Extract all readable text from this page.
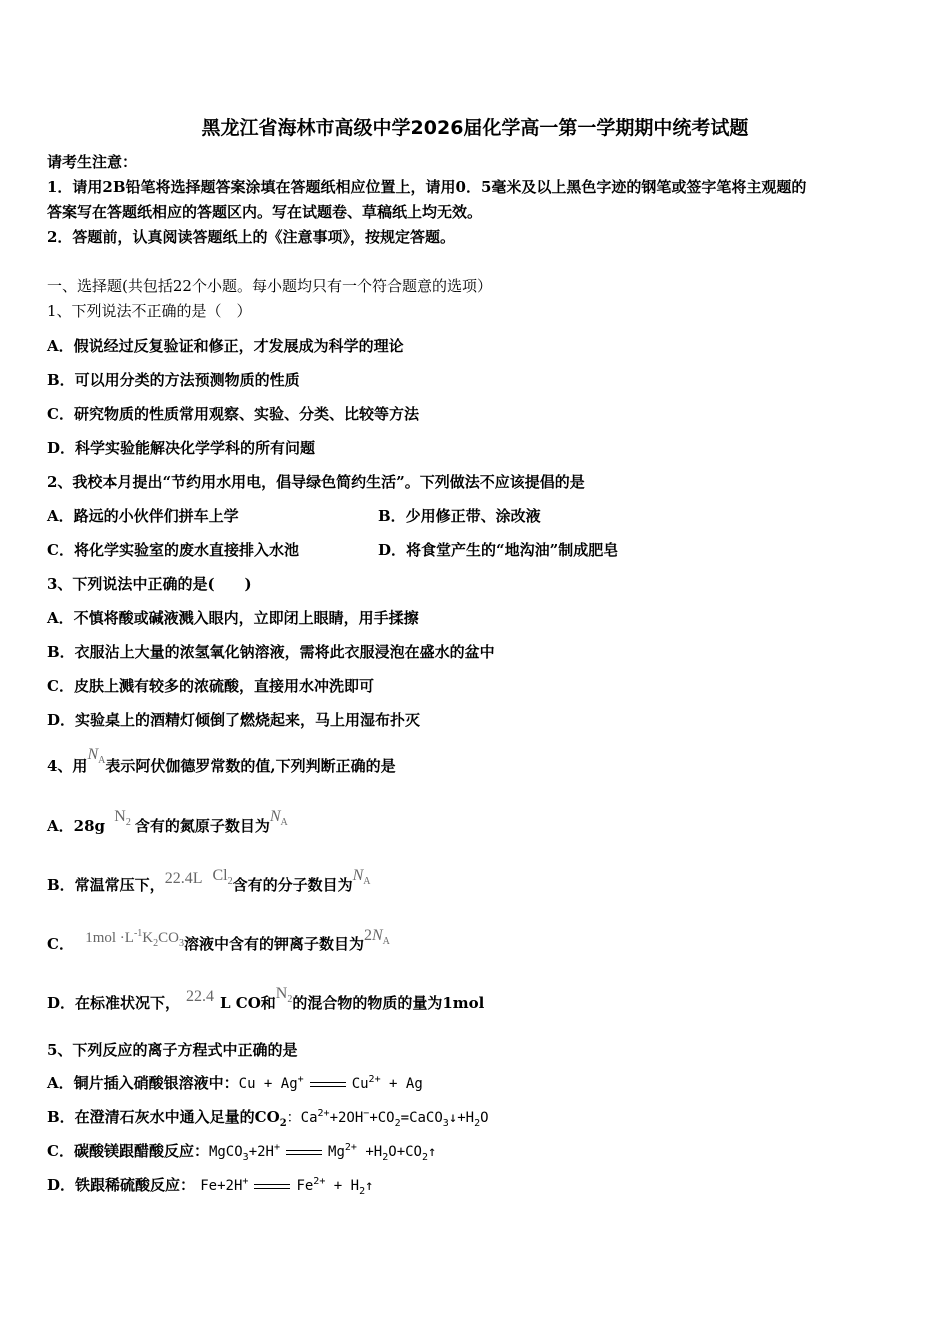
黑龙江省海林市高级中学2026届化学高一第一学期期中统考试题
请考生注意：
1．请用2B铅笔将选择题答案涂填在答题纸相应位置上，请用0．5毫米及以上黑色字迹的钢笔或签字笔将主观题的
答案写在答题纸相应的答题区内。写在试题卷、草稿纸上均无效。
2．答题前，认真阅读答题纸上的《注意事项》，按规定答题。
一、选择题(共包括22个小题。每小题均只有一个符合题意的选项）
1、下列说法不正确的是（　）
A．假说经过反复验证和修正，才发展成为科学的理论
B．可以用分类的方法预测物质的性质
C．研究物质的性质常用观察、实验、分类、比较等方法
D．科学实验能解决化学学科的所有问题
2、我校本月提出“节约用水用电，倡导绿色简约生活”。下列做法不应该提倡的是
A．路远的小伙伴们拼车上学	B．少用修正带、涂改液
C．将化学实验室的废水直接排入水池	D．将食堂产生的“地沟油”制成肥皂
3、下列说法中正确的是(　　)
A．不慎将酸或碱液溅入眼内，立即闭上眼睛，用手揉擦
B．衣服沾上大量的浓氢氧化钠溶液，需将此衣服浸泡在盛水的盆中
C．皮肤上溅有较多的浓硫酸，直接用水冲洗即可
D．实验桌上的酒精灯倾倒了燃烧起来，马上用湿布扑灭
4、用$N_A$表示阿伏伽德罗常数的值,下列判断正确的是
A．28g $N_2$ 含有的氮原子数目为$N_A$
B．常温常压下，22.4L $Cl_2$含有的分子数目为$N_A$
C． $1mol \cdot L^{-1}K_2CO_3$溶液中含有的钾离子数目为$2N_A$
D．在标准状况下， 22.4 L CO和$N_2$的混合物的物质的量为1mol
5、下列反应的离子方程式中正确的是
A．铜片插入硝酸银溶液中：Cu + Ag+	$Cu^{2+} + Ag$
B．在澄清石灰水中通入足量的$CO_2$：$Ca^{2+}+2OH^-+CO_2=CaCO_3↓+H_2O$
C．碳酸镁跟醋酸反应：MgCO$_3$+2H+	$Mg^{2+}$ $+H_2O+CO_2↑$
D．铁跟稀硫酸反应： Fe+2H+	$Fe^{2+}$ + $H_2↑$
